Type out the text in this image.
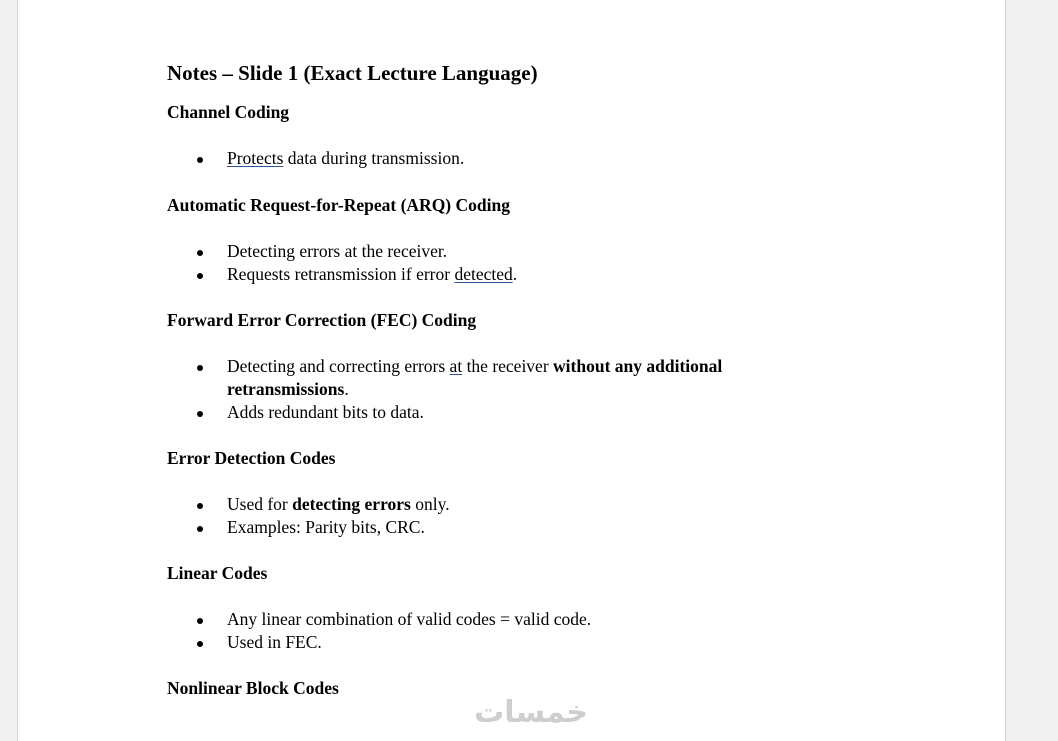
Notes – Slide 1 (Exact Lecture Language)
Channel Coding
Protects data during transmission.
Automatic Request-for-Repeat (ARQ) Coding
Detecting errors at the receiver.
Requests retransmission if error detected.
Forward Error Correction (FEC) Coding
Detecting and correcting errors at the receiver without any additional retransmissions.
Adds redundant bits to data.
Error Detection Codes
Used for detecting errors only.
Examples: Parity bits, CRC.
Linear Codes
Any linear combination of valid codes = valid code.
Used in FEC.
Nonlinear Block Codes
خمسات
